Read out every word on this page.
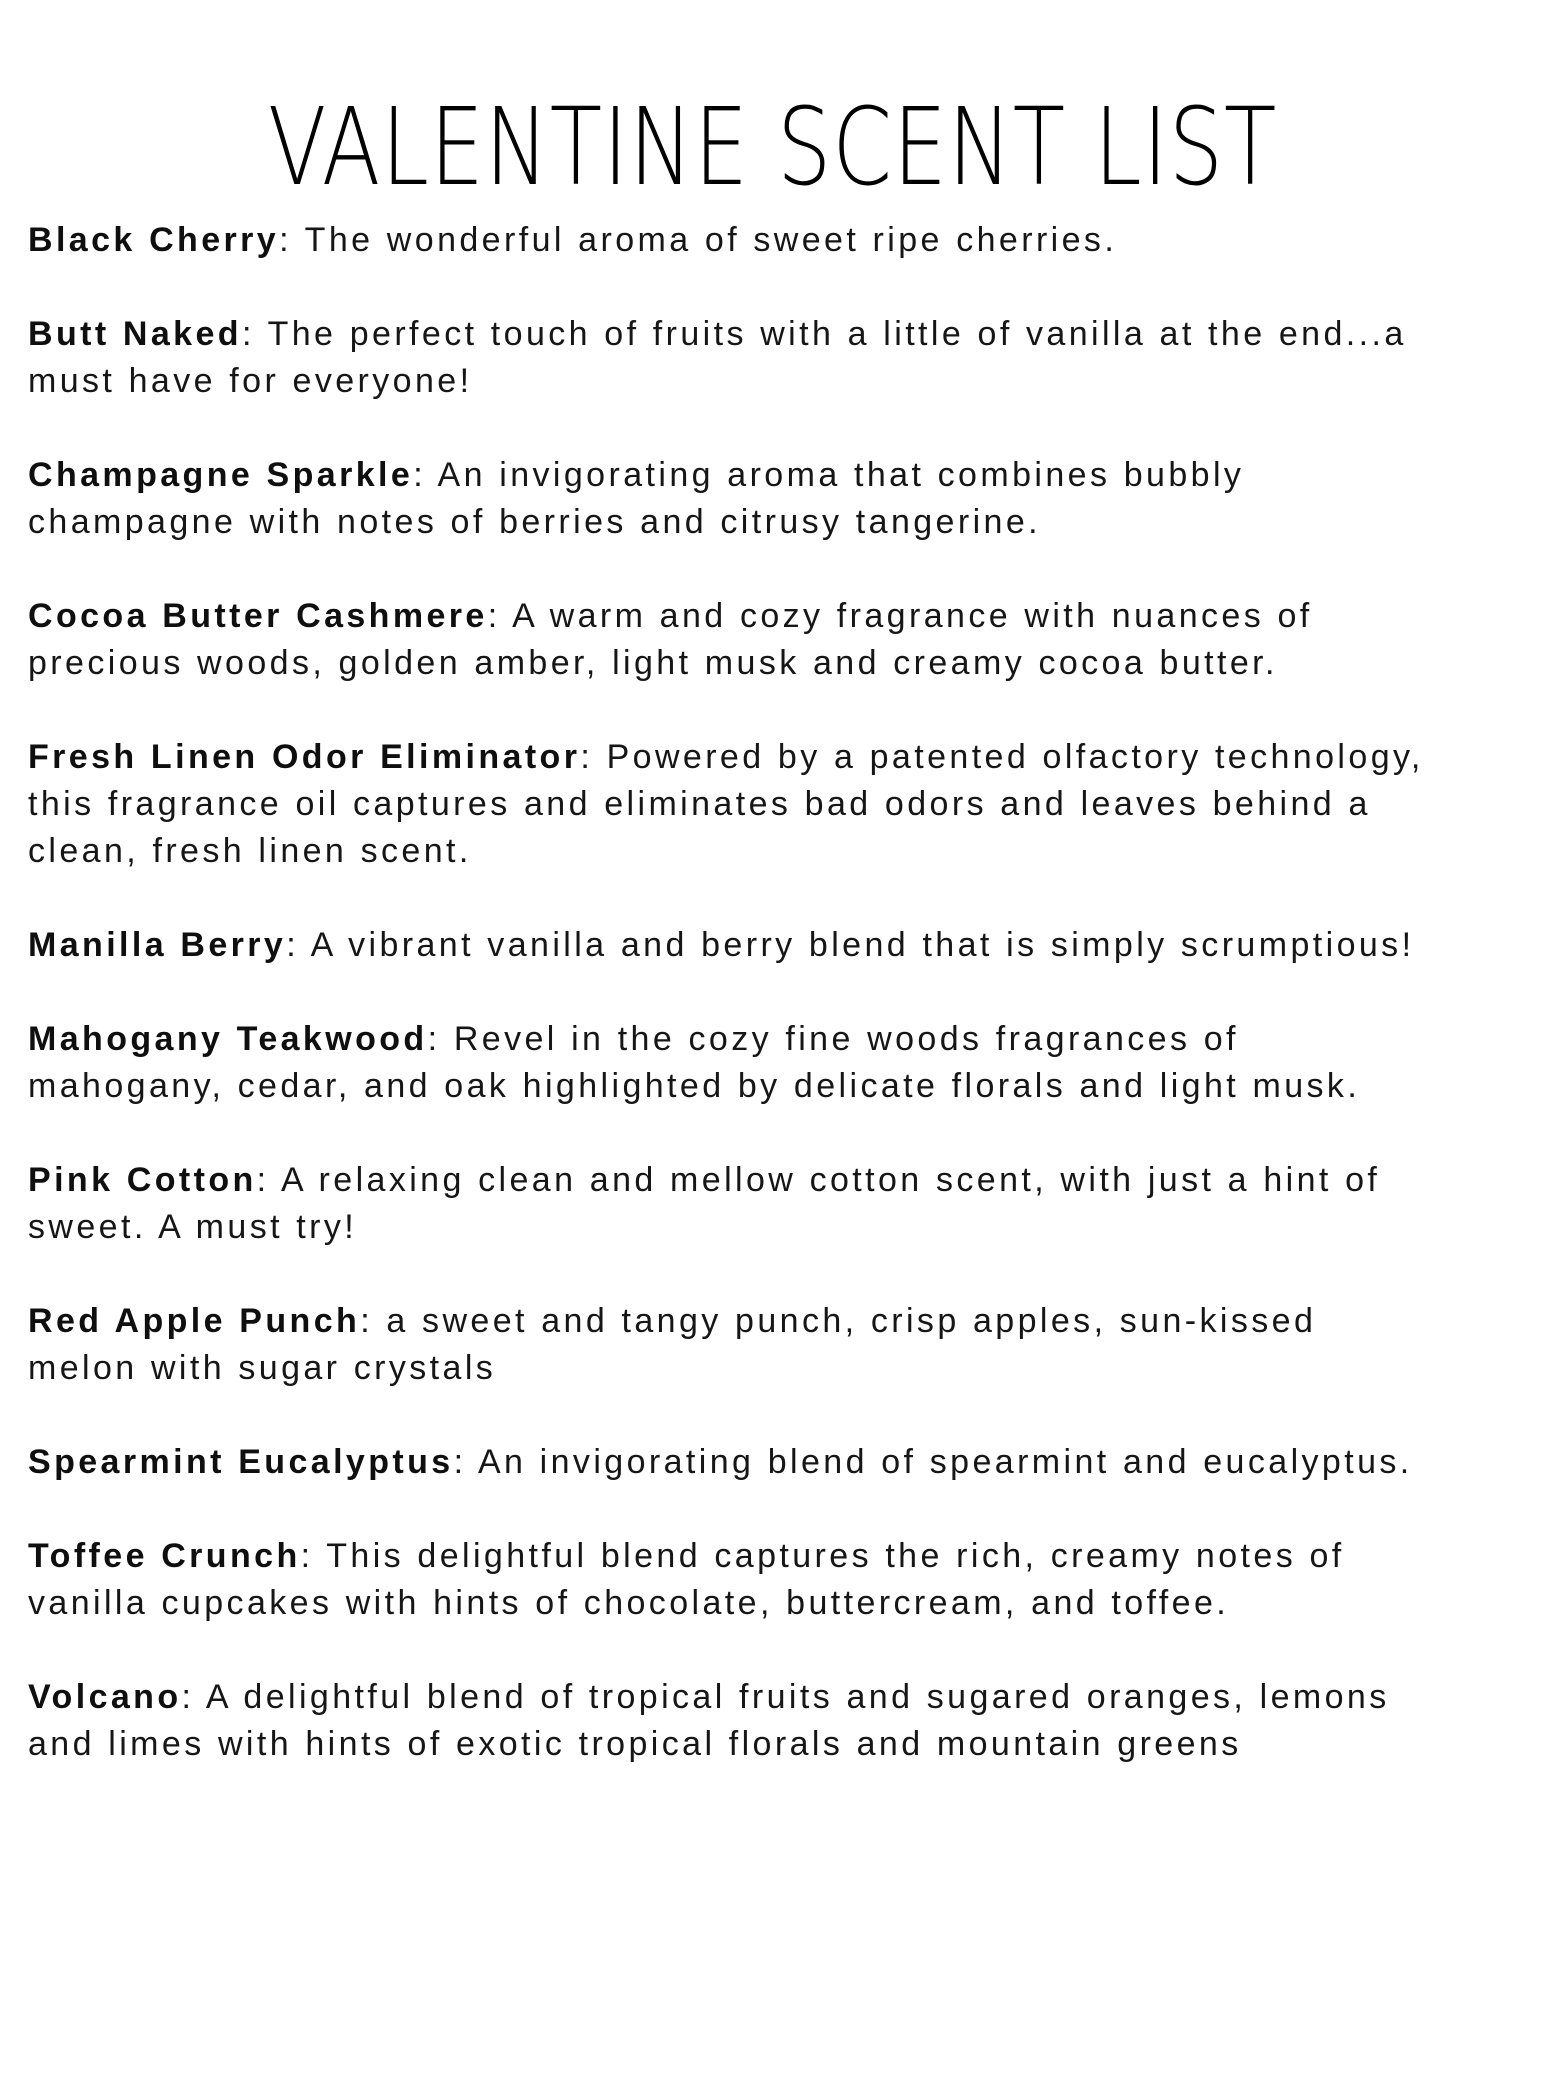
VALENTINE SCENT LIST

Black Cherry: The wonderful aroma of sweet ripe cherries.

Butt Naked: The perfect touch of fruits with a little of vanilla at the end...a must have for everyone!

Champagne Sparkle: An invigorating aroma that combines bubbly champagne with notes of berries and citrusy tangerine.

Cocoa Butter Cashmere: A warm and cozy fragrance with nuances of precious woods, golden amber, light musk and creamy cocoa butter.

Fresh Linen Odor Eliminator: Powered by a patented olfactory technology, this fragrance oil captures and eliminates bad odors and leaves behind a clean, fresh linen scent.

Manilla Berry: A vibrant vanilla and berry blend that is simply scrumptious!

Mahogany Teakwood: Revel in the cozy fine woods fragrances of mahogany, cedar, and oak highlighted by delicate florals and light musk.

Pink Cotton: A relaxing clean and mellow cotton scent, with just a hint of sweet. A must try!

Red Apple Punch: a sweet and tangy punch, crisp apples, sun-kissed melon with sugar crystals

Spearmint Eucalyptus: An invigorating blend of spearmint and eucalyptus.

Toffee Crunch: This delightful blend captures the rich, creamy notes of vanilla cupcakes with hints of chocolate, buttercream, and toffee.

Volcano: A delightful blend of tropical fruits and sugared oranges, lemons and limes with hints of exotic tropical florals and mountain greens
